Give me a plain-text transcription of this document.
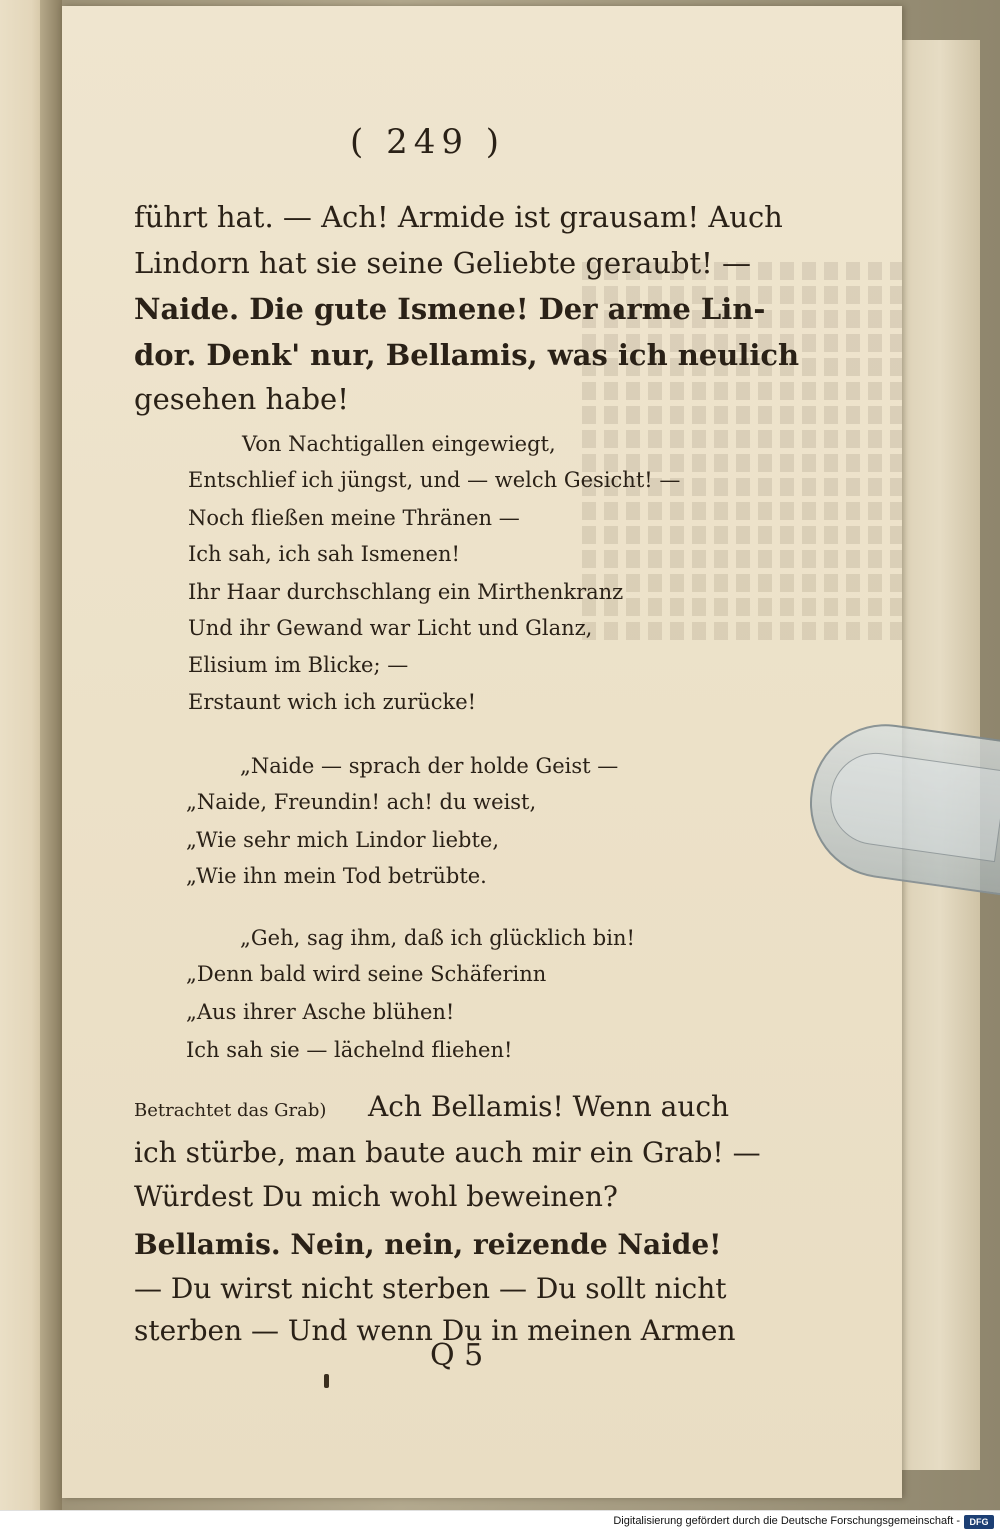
( 249 )
führt hat. — Ach! Armide ist grausam! Auch
Lindorn hat sie seine Geliebte geraubt! —
Naide. Die gute Ismene! Der arme Lin-
dor. Denk' nur, Bellamis, was ich neulich
gesehen habe!
Von Nachtigallen eingewiegt,
Entschlief ich jüngst, und — welch Gesicht! —
Noch fließen meine Thränen —
Ich sah, ich sah Ismenen!
Ihr Haar durchschlang ein Mirthenkranz
Und ihr Gewand war Licht und Glanz,
Elisium im Blicke; —
Erstaunt wich ich zurücke!
„Naide — sprach der holde Geist —
„Naide, Freundin! ach! du weist,
„Wie sehr mich Lindor liebte,
„Wie ihn mein Tod betrübte.
„Geh, sag ihm, daß ich glücklich bin!
„Denn bald wird seine Schäferinn
„Aus ihrer Asche blühen!
Ich sah sie — lächelnd fliehen!
Betrachtet das Grab) Ach Bellamis! Wenn auch
ich stürbe, man baute auch mir ein Grab! —
Würdest Du mich wohl beweinen?
Bellamis. Nein, nein, reizende Naide!
— Du wirst nicht sterben — Du sollt nicht
sterben — Und wenn Du in meinen Armen
Q 5
Digitalisierung gefördert durch die Deutsche Forschungsgemeinschaft -	DFG
